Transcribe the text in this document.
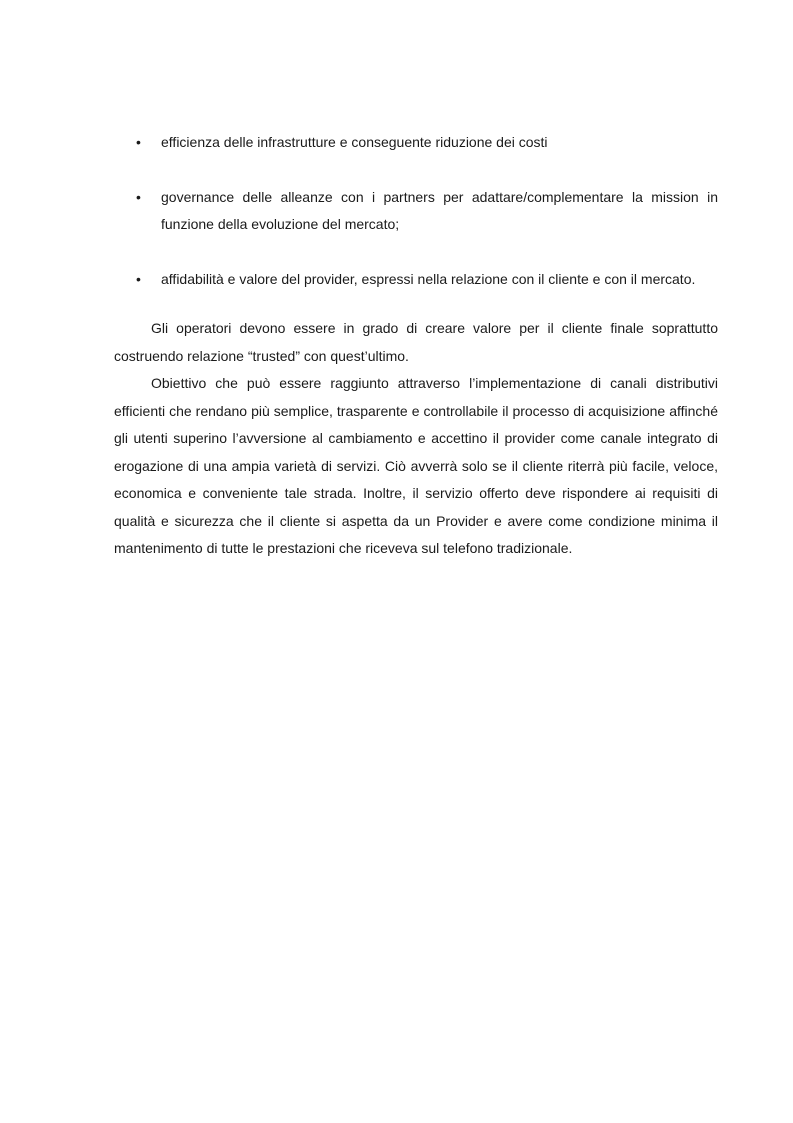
• efficienza delle infrastrutture e conseguente riduzione dei costi
• governance delle alleanze con i partners per adattare/complementare la mission in funzione della evoluzione del mercato;
• affidabilità e valore del provider, espressi nella relazione con il cliente e con il mercato.

Gli operatori devono essere in grado di creare valore per il cliente finale soprattutto costruendo relazione “trusted” con quest’ultimo.

Obiettivo che può essere raggiunto attraverso l’implementazione di canali distributivi efficienti che rendano più semplice, trasparente e controllabile il processo di acquisizione affinché gli utenti superino l’avversione al cambiamento e accettino il provider come canale integrato di erogazione di una ampia varietà di servizi. Ciò avverrà solo se il cliente riterrà più facile, veloce, economica e conveniente tale strada. Inoltre, il servizio offerto deve rispondere ai requisiti di qualità e sicurezza che il cliente si aspetta da un Provider e avere come condizione minima il mantenimento di tutte le prestazioni che riceveva sul telefono tradizionale.
